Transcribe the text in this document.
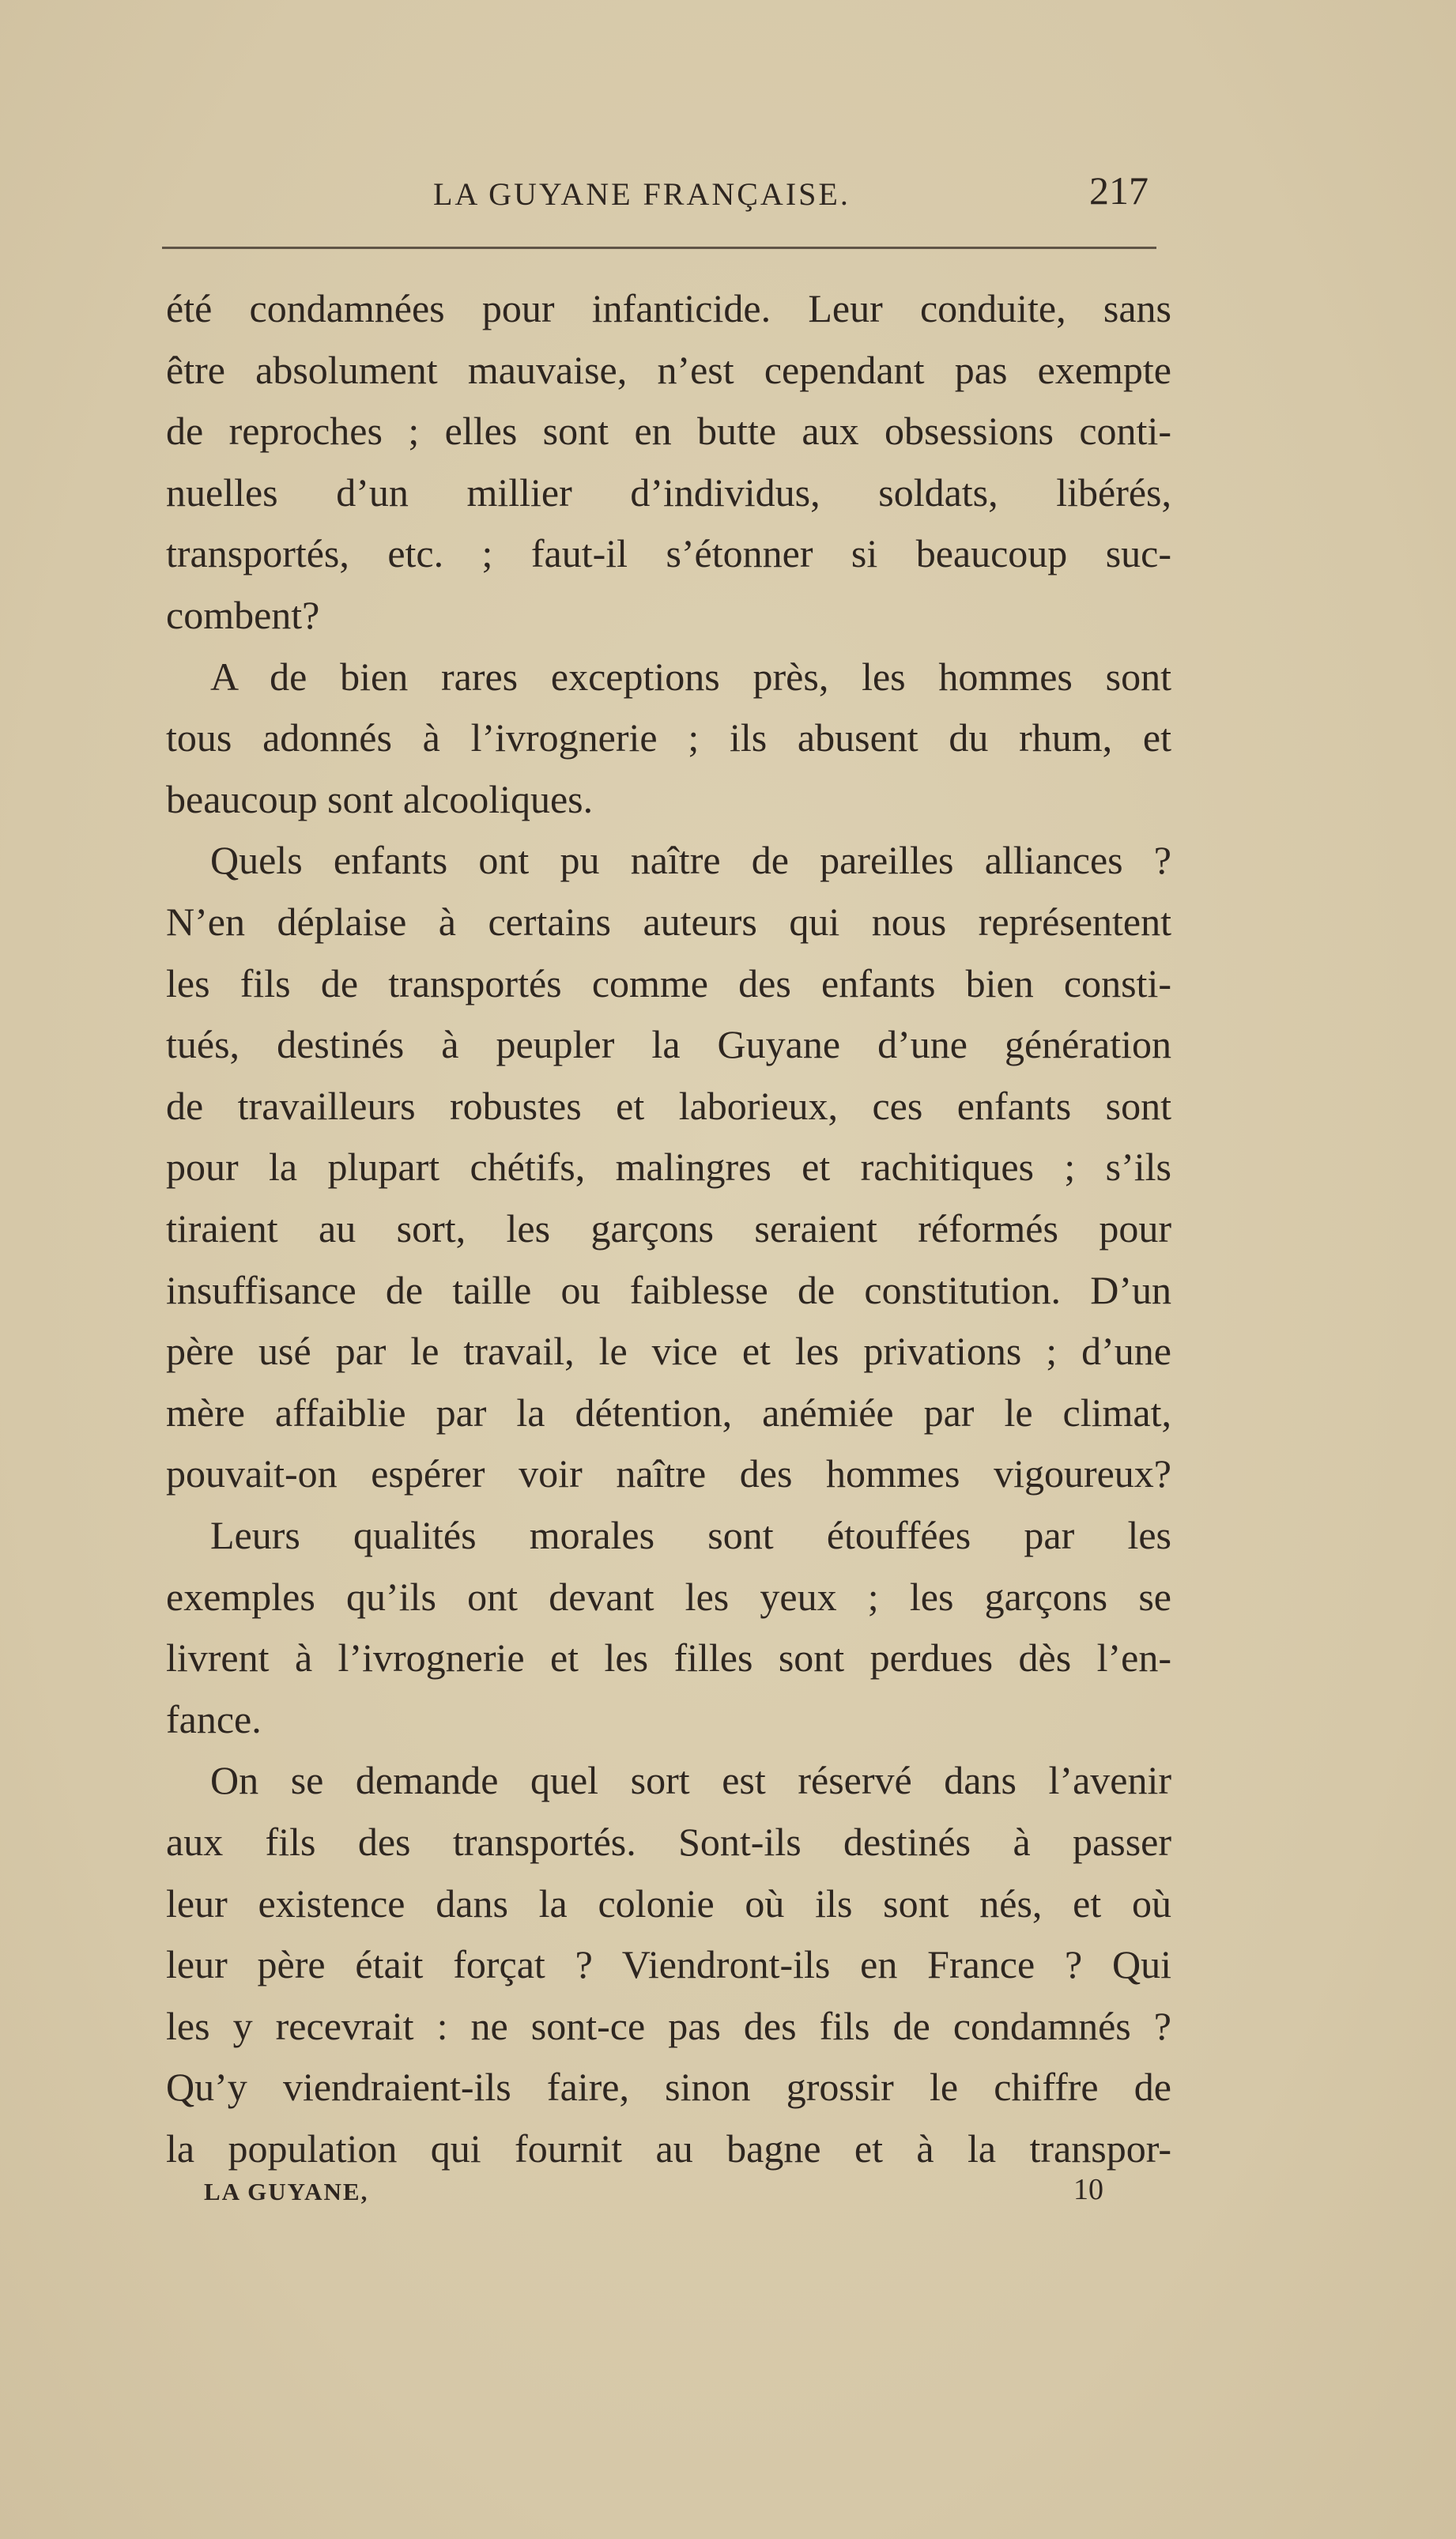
LA GUYANE FRANÇAISE.	217
été condamnées pour infanticide. Leur conduite, sans
être absolument mauvaise, n’est cependant pas exempte
de reproches ; elles sont en butte aux obsessions conti-
nuelles d’un millier d’individus, soldats, libérés,
transportés, etc. ; faut-il s’étonner si beaucoup suc-
combent?
A de bien rares exceptions près, les hommes sont
tous adonnés à l’ivrognerie ; ils abusent du rhum, et
beaucoup sont alcooliques.
Quels enfants ont pu naître de pareilles alliances ?
N’en déplaise à certains auteurs qui nous représentent
les fils de transportés comme des enfants bien consti-
tués, destinés à peupler la Guyane d’une génération
de travailleurs robustes et laborieux, ces enfants sont
pour la plupart chétifs, malingres et rachitiques ; s’ils
tiraient au sort, les garçons seraient réformés pour
insuffisance de taille ou faiblesse de constitution. D’un
père usé par le travail, le vice et les privations ; d’une
mère affaiblie par la détention, anémiée par le climat,
pouvait-on espérer voir naître des hommes vigoureux?
Leurs qualités morales sont étouffées par les
exemples qu’ils ont devant les yeux ; les garçons se
livrent à l’ivrognerie et les filles sont perdues dès l’en-
fance.
On se demande quel sort est réservé dans l’avenir
aux fils des transportés. Sont-ils destinés à passer
leur existence dans la colonie où ils sont nés, et où
leur père était forçat ? Viendront-ils en France ? Qui
les y recevrait : ne sont-ce pas des fils de condamnés ?
Qu’y viendraient-ils faire, sinon grossir le chiffre de
la population qui fournit au bagne et à la transpor-
LA GUYANE,	10
